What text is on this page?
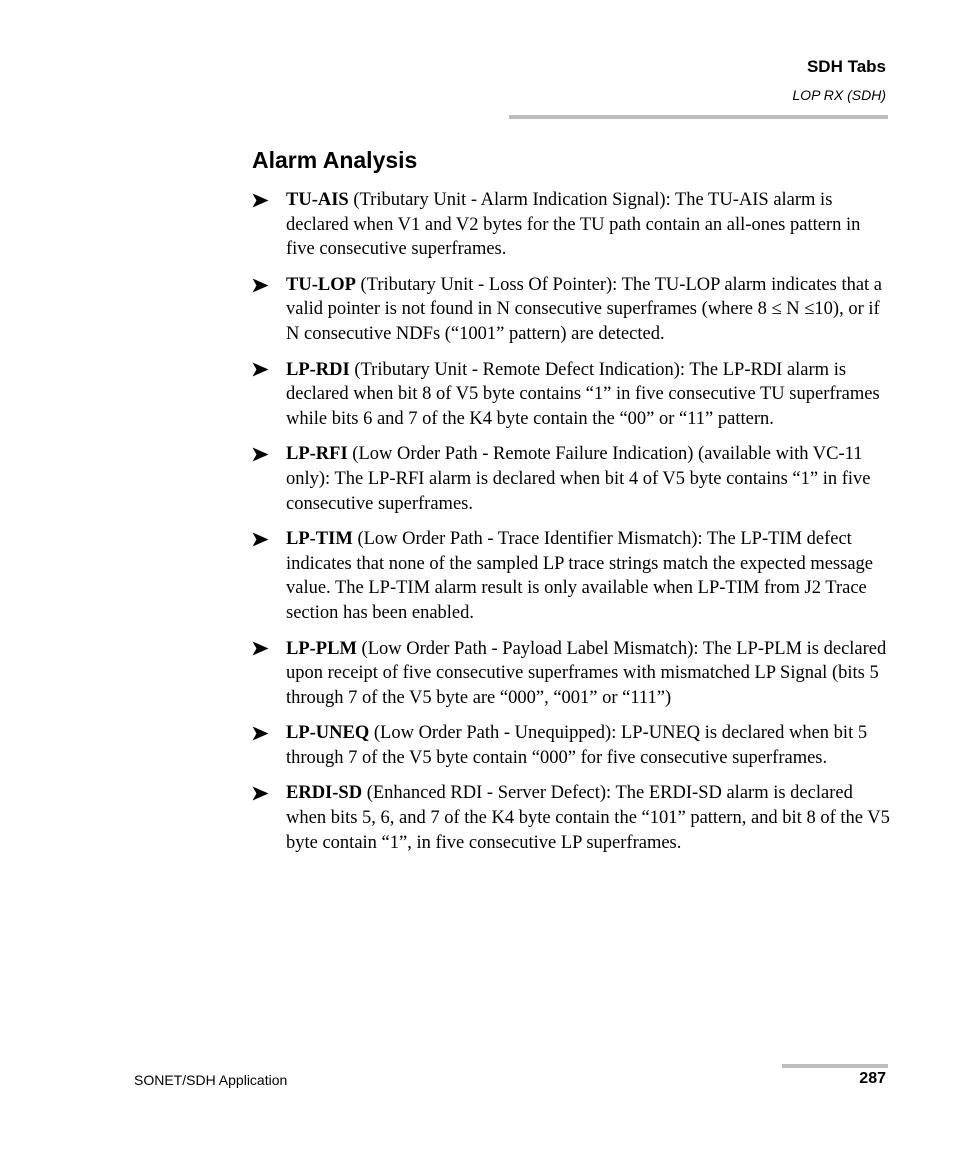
SDH Tabs
LOP RX (SDH)
Alarm Analysis
TU-AIS (Tributary Unit - Alarm Indication Signal): The TU-AIS alarm is declared when V1 and V2 bytes for the TU path contain an all-ones pattern in five consecutive superframes.
TU-LOP (Tributary Unit - Loss Of Pointer): The TU-LOP alarm indicates that a valid pointer is not found in N consecutive superframes (where 8 ≤ N ≤10), or if N consecutive NDFs (“1001” pattern) are detected.
LP-RDI (Tributary Unit - Remote Defect Indication): The LP-RDI alarm is declared when bit 8 of V5 byte contains “1” in five consecutive TU superframes while bits 6 and 7 of the K4 byte contain the “00” or “11” pattern.
LP-RFI (Low Order Path - Remote Failure Indication) (available with VC-11 only): The LP-RFI alarm is declared when bit 4 of V5 byte contains “1” in five consecutive superframes.
LP-TIM (Low Order Path - Trace Identifier Mismatch): The LP-TIM defect indicates that none of the sampled LP trace strings match the expected message value. The LP-TIM alarm result is only available when LP-TIM from J2 Trace section has been enabled.
LP-PLM (Low Order Path - Payload Label Mismatch): The LP-PLM is declared upon receipt of five consecutive superframes with mismatched LP Signal (bits 5 through 7 of the V5 byte are “000”, “001” or “111”)
LP-UNEQ (Low Order Path - Unequipped): LP-UNEQ is declared when bit 5 through 7 of the V5 byte contain “000” for five consecutive superframes.
ERDI-SD (Enhanced RDI - Server Defect): The ERDI-SD alarm is declared when bits 5, 6, and 7 of the K4 byte contain the “101” pattern, and bit 8 of the V5 byte contain “1”, in five consecutive LP superframes.
SONET/SDH Application	287
